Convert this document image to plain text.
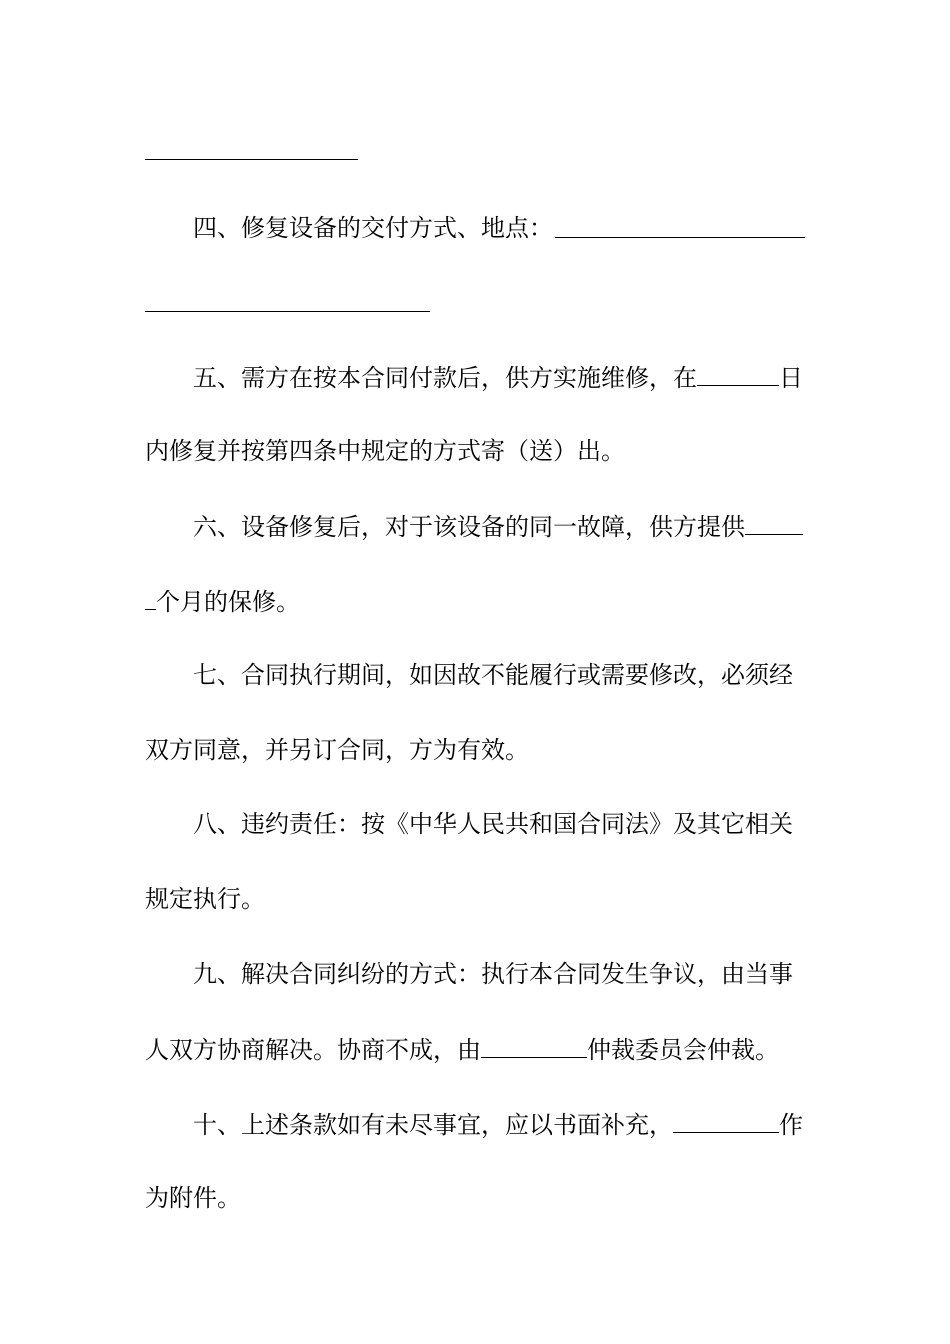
四、修复设备的交付方式、地点：
五、需方在按本合同付款后，供方实施维修，在	日
内修复并按第四条中规定的方式寄（送）出。
六、设备修复后，对于该设备的同一故障，供方提供
个月的保修。
七、合同执行期间，如因故不能履行或需要修改，必须经
双方同意，并另订合同，方为有效。
八、违约责任：按《中华人民共和国合同法》及其它相关
规定执行。
九、解决合同纠纷的方式：执行本合同发生争议，由当事
人双方协商解决。协商不成，由	仲裁委员会仲裁。
十、上述条款如有未尽事宜，应以书面补充，	作
为附件。
